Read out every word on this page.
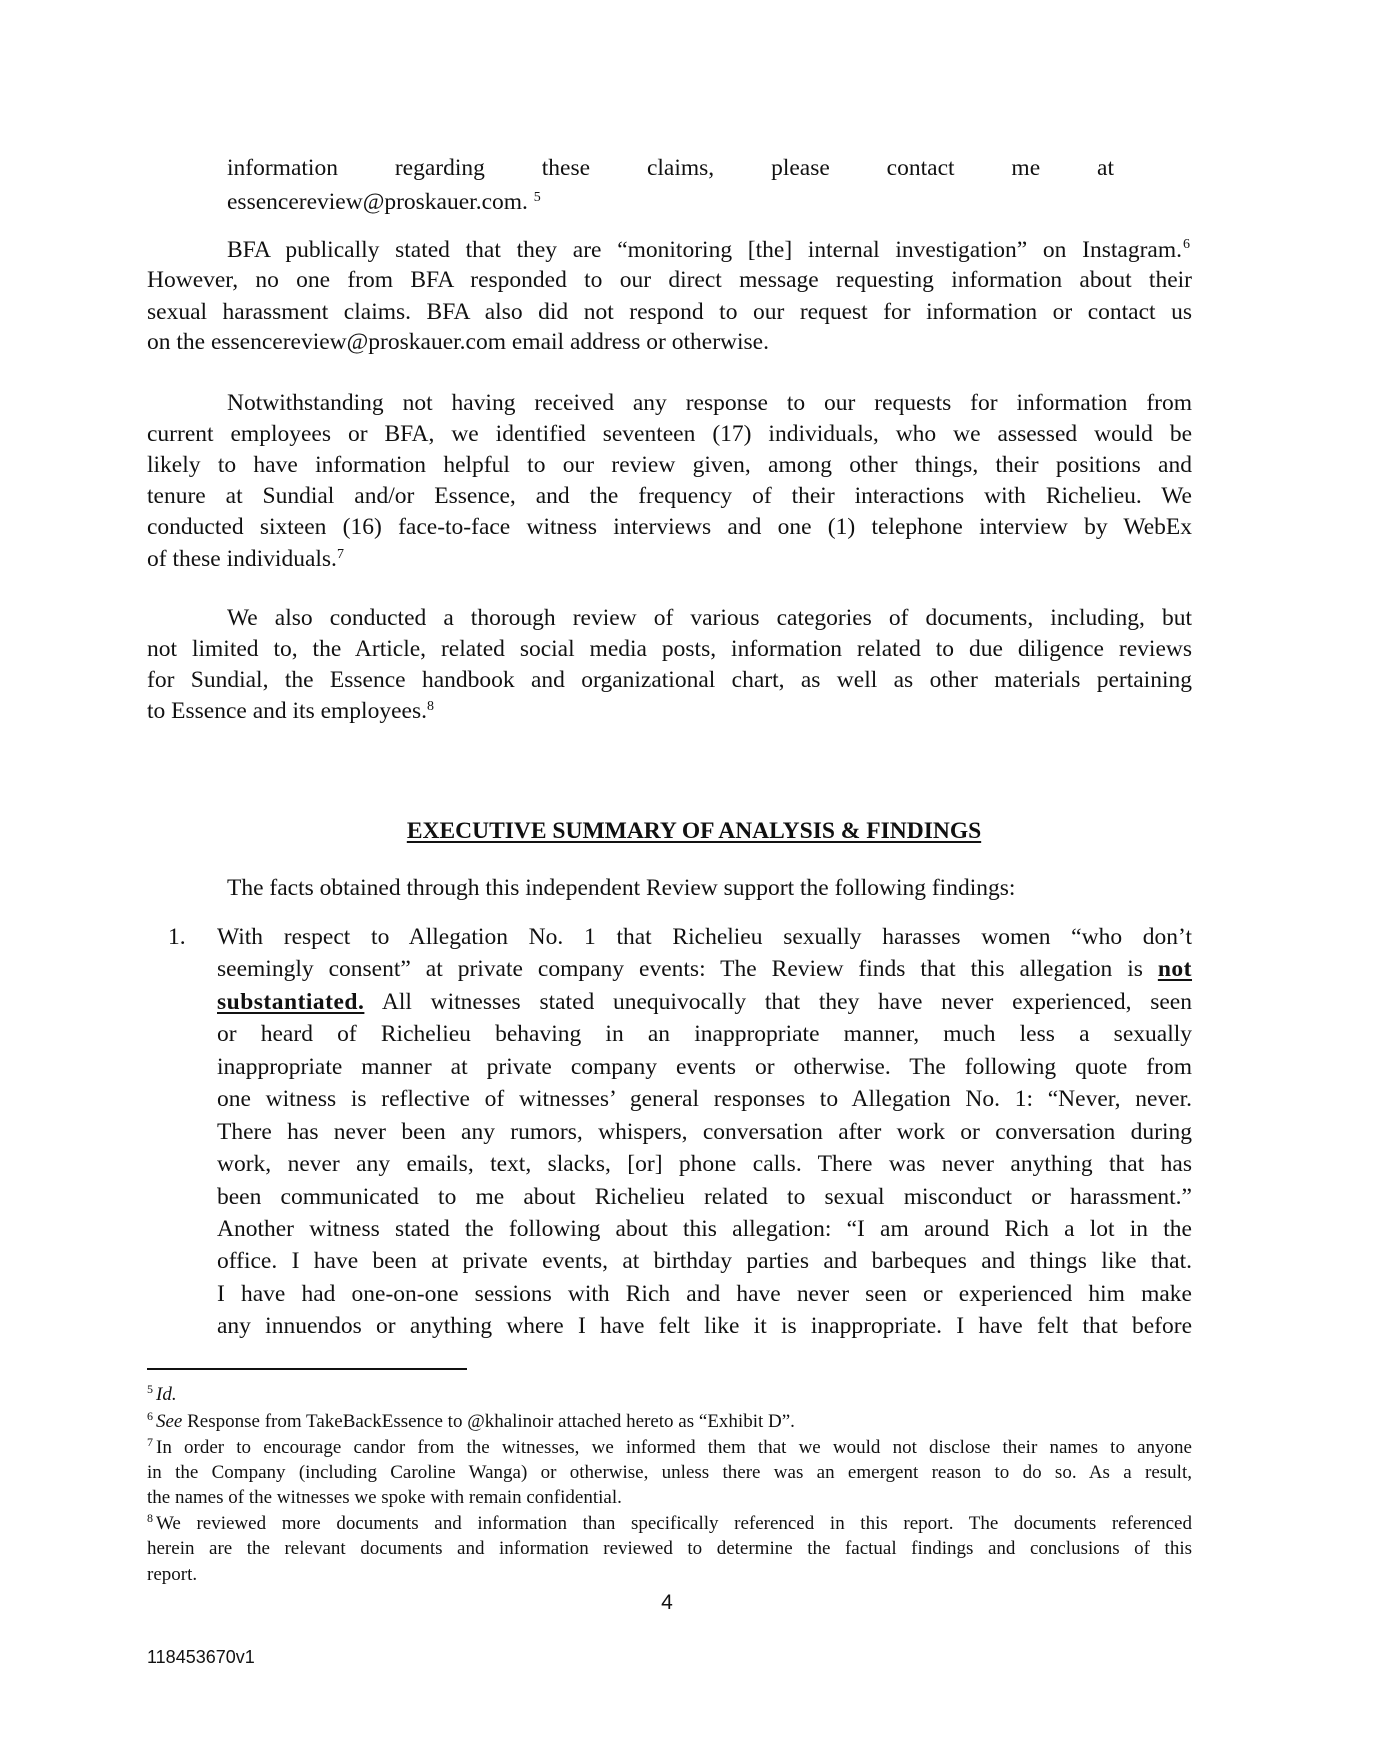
information regarding these claims, please contact me at
essencereview@proskauer.com. $^5$
BFA publically stated that they are “monitoring [the] internal investigation” on Instagram. 6
However, no one from BFA responded to our direct message requesting information about their
sexual harassment claims. BFA also did not respond to our request for information or contact us
on the essencereview@proskauer.com email address or otherwise.
Notwithstanding not having received any response to our requests for information from
current employees or BFA, we identified seventeen (17) individuals, who we assessed would be
likely to have information helpful to our review given, among other things, their positions and
tenure at Sundial and/or Essence, and the frequency of their interactions with Richelieu. We
conducted sixteen (16) face-to-face witness interviews and one (1) telephone interview by WebEx
of these individuals.$^7$
We also conducted a thorough review of various categories of documents, including, but
not limited to, the Article, related social media posts, information related to due diligence reviews
for Sundial, the Essence handbook and organizational chart, as well as other materials pertaining
to Essence and its employees.$^8$
EXECUTIVE SUMMARY OF ANALYSIS & FINDINGS
The facts obtained through this independent Review support the following findings:
1. With respect to Allegation No. 1 that Richelieu sexually harasses women “who don’t
seemingly consent” at private company events: The Review finds that this allegation is not
substantiated. All witnesses stated unequivocally that they have never experienced, seen
or heard of Richelieu behaving in an inappropriate manner, much less a sexually
inappropriate manner at private company events or otherwise. The following quote from
one witness is reflective of witnesses’ general responses to Allegation No. 1: “Never, never.
There has never been any rumors, whispers, conversation after work or conversation during
work, never any emails, text, slacks, [or] phone calls. There was never anything that has
been communicated to me about Richelieu related to sexual misconduct or harassment.”
Another witness stated the following about this allegation: “I am around Rich a lot in the
office. I have been at private events, at birthday parties and barbeques and things like that.
I have had one-on-one sessions with Rich and have never seen or experienced him make
any innuendos or anything where I have felt like it is inappropriate. I have felt that before
$^5$ Id.
$^6$ See Response from TakeBackEssence to @khalinoir attached hereto as “Exhibit D”.
$^7$ In order to encourage candor from the witnesses, we informed them that we would not disclose their names to anyone
in the Company (including Caroline Wanga) or otherwise, unless there was an emergent reason to do so. As a result,
the names of the witnesses we spoke with remain confidential.
$^8$ We reviewed more documents and information than specifically referenced in this report. The documents referenced
herein are the relevant documents and information reviewed to determine the factual findings and conclusions of this
report.
4
118453670v1
